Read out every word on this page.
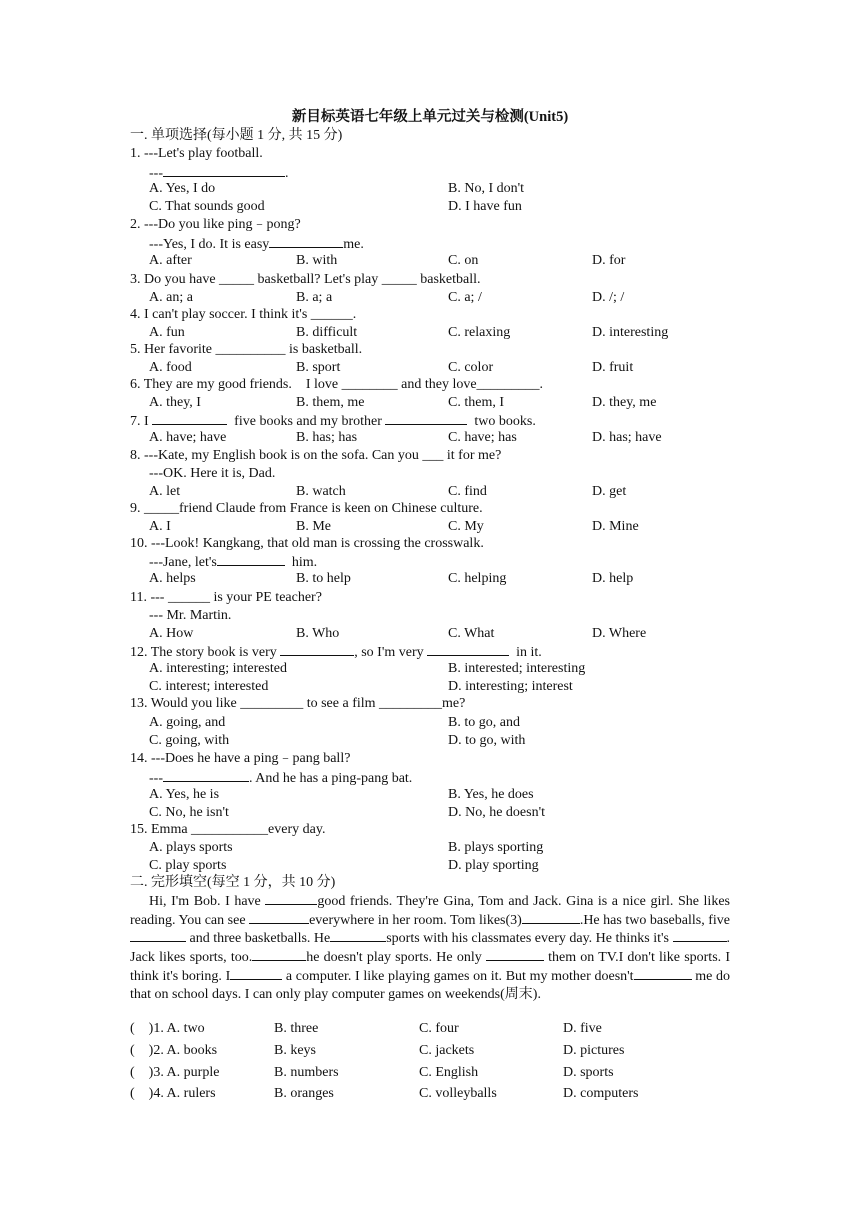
新目标英语七年级上单元过关与检测(Unit5)
一. 单项选择(每小题 1 分, 共 15 分)
1. ---Let's play football.
---	.
A. Yes, I do	B. No, I don't
C. That sounds good	D. I have fun
2. ---Do you like ping﹣pong?
---Yes, I do. It is easy	me.
A. after	B. with	C. on	D. for
3. Do you have _____ basketball? Let's play _____ basketball.
A. an; a	B. a; a	C. a; /	D. /; /
4. I can't play soccer. I think it's ______.
A. fun	B. difficult	C. relaxing	D. interesting
5. Her favorite __________ is basketball.
A. food	B. sport	C. color	D. fruit
6. They are my good friends.    I love ________ and they love_________.
A. they, I	B. them, me	C. them, I	D. they, me
7. I	five books and my brother	two books.
A. have; have	B. has; has	C. have; has	D. has; have
8. ---Kate, my English book is on the sofa. Can you ___ it for me?
---OK. Here it is, Dad.
A. let	B. watch	C. find	D. get
9. _____friend Claude from France is keen on Chinese culture.
A. I	B. Me	C. My	D. Mine
10. ---Look! Kangkang, that old man is crossing the crosswalk.
---Jane, let's	him.
A. helps	B. to help	C. helping	D. help
11. --- ______ is your PE teacher?
--- Mr. Martin.
A. How	B. Who	C. What	D. Where
12. The story book is very	, so I'm very	in it.
A. interesting; interested	B. interested; interesting
C. interest; interested	D. interesting; interest
13. Would you like _________ to see a film _________me?
A. going, and	B. to go, and
C. going, with	D. to go, with
14. ---Does he have a ping﹣pang ball?
---	. And he has a ping-pang bat.
A. Yes, he is	B. Yes, he does
C. No, he isn't	D. No, he doesn't
15. Emma ___________every day.
A. plays sports	B. plays sporting
C. play sports	D. play sporting
二. 完形填空(每空 1 分，共 10 分)
Hi, I'm Bob. I have	good friends. They're Gina, Tom and Jack. Gina is a nice girl. She likes reading. You can see	everywhere in her room. Tom likes(3)	.He has two baseballs, five  and three basketballs. He	sports with his classmates every day. He thinks it's	. Jack likes sports, too.	he doesn't play sports. He only	them on TV.I don't like sports. I think it's boring. I	a computer. I like playing games on it. But my mother doesn't	me do that on school days. I can only play computer games on weekends(周末).
(    )1. A. two	B. three	C. four	D. five
(    )2. A. books	B. keys	C. jackets	D. pictures
(    )3. A. purple	B. numbers	C. English	D. sports
(    )4. A. rulers	B. oranges	C. volleyballs	D. computers
